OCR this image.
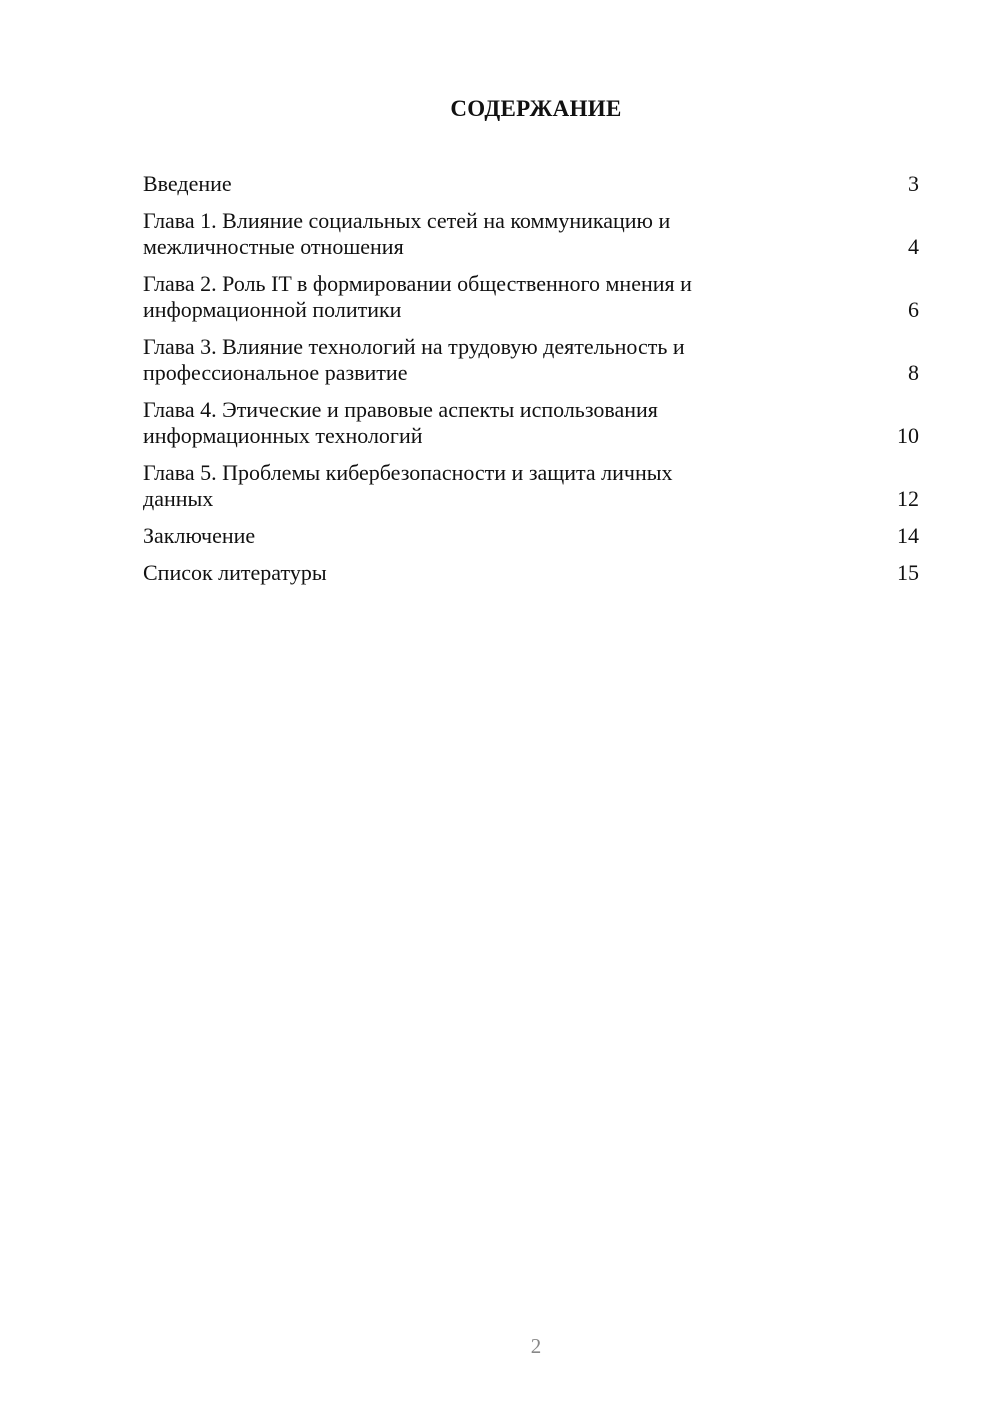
СОДЕРЖАНИЕ
Введение	3
Глава 1. Влияние социальных сетей на коммуникацию и
межличностные отношения	4
Глава 2. Роль IT в формировании общественного мнения и
информационной политики	6
Глава 3. Влияние технологий на трудовую деятельность и
профессиональное развитие	8
Глава 4. Этические и правовые аспекты использования
информационных технологий	10
Глава 5. Проблемы кибербезопасности и защита личных
данных	12
Заключение	14
Список литературы	15
2
